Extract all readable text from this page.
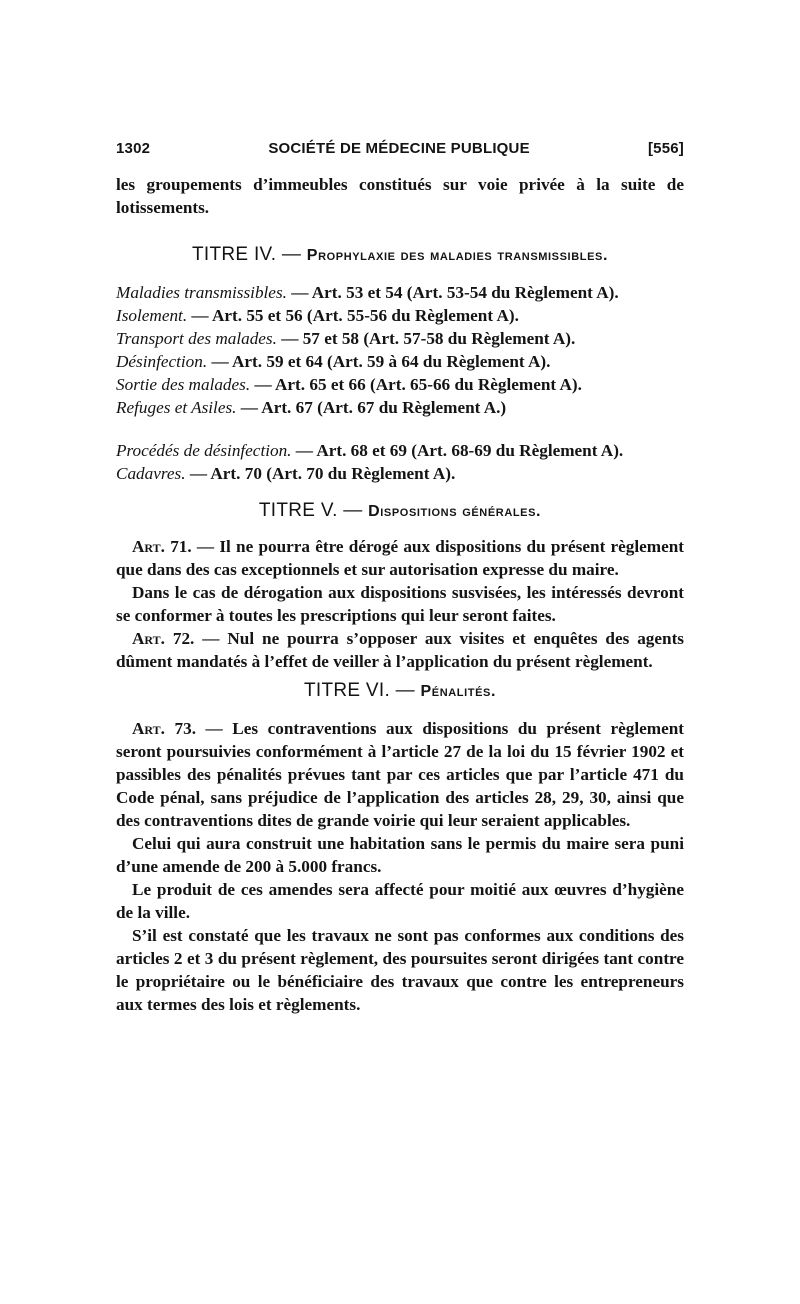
1302	SOCIÉTÉ DE MÉDECINE PUBLIQUE	[556]

les groupements d’immeubles constitués sur voie privée à la suite de lotissements.

TITRE IV. — Prophylaxie des maladies transmissibles.

Maladies transmissibles. — Art. 53 et 54 (Art. 53-54 du Règlement A).

Isolement. — Art. 55 et 56 (Art. 55-56 du Règlement A).

Transport des malades. — 57 et 58 (Art. 57-58 du Règlement A).

Désinfection. — Art. 59 et 64 (Art. 59 à 64 du Règlement A).

Sortie des malades. — Art. 65 et 66 (Art. 65-66 du Règlement A).

Refuges et Asiles. — Art. 67 (Art. 67 du Règlement A.)

Procédés de désinfection. — Art. 68 et 69 (Art. 68-69 du Règlement A).

Cadavres. — Art. 70 (Art. 70 du Règlement A).

TITRE V. — Dispositions générales.

Art. 71. — Il ne pourra être dérogé aux dispositions du présent règlement que dans des cas exceptionnels et sur autorisation expresse du maire.

Dans le cas de dérogation aux dispositions susvisées, les intéressés devront se conformer à toutes les prescriptions qui leur seront faites.

Art. 72. — Nul ne pourra s’opposer aux visites et enquêtes des agents dûment mandatés à l’effet de veiller à l’application du présent règlement.

TITRE VI. — Pénalités.

Art. 73. — Les contraventions aux dispositions du présent règlement seront poursuivies conformément à l’article 27 de la loi du 15 février 1902 et passibles des pénalités prévues tant par ces articles que par l’article 471 du Code pénal, sans préjudice de l’application des articles 28, 29, 30, ainsi que des contraventions dites de grande voirie qui leur seraient applicables.

Celui qui aura construit une habitation sans le permis du maire sera puni d’une amende de 200 à 5.000 francs.

Le produit de ces amendes sera affecté pour moitié aux œuvres d’hygiène de la ville.

S’il est constaté que les travaux ne sont pas conformes aux conditions des articles 2 et 3 du présent règlement, des poursuites seront dirigées tant contre le propriétaire ou le bénéficiaire des travaux que contre les entrepreneurs aux termes des lois et règlements.
